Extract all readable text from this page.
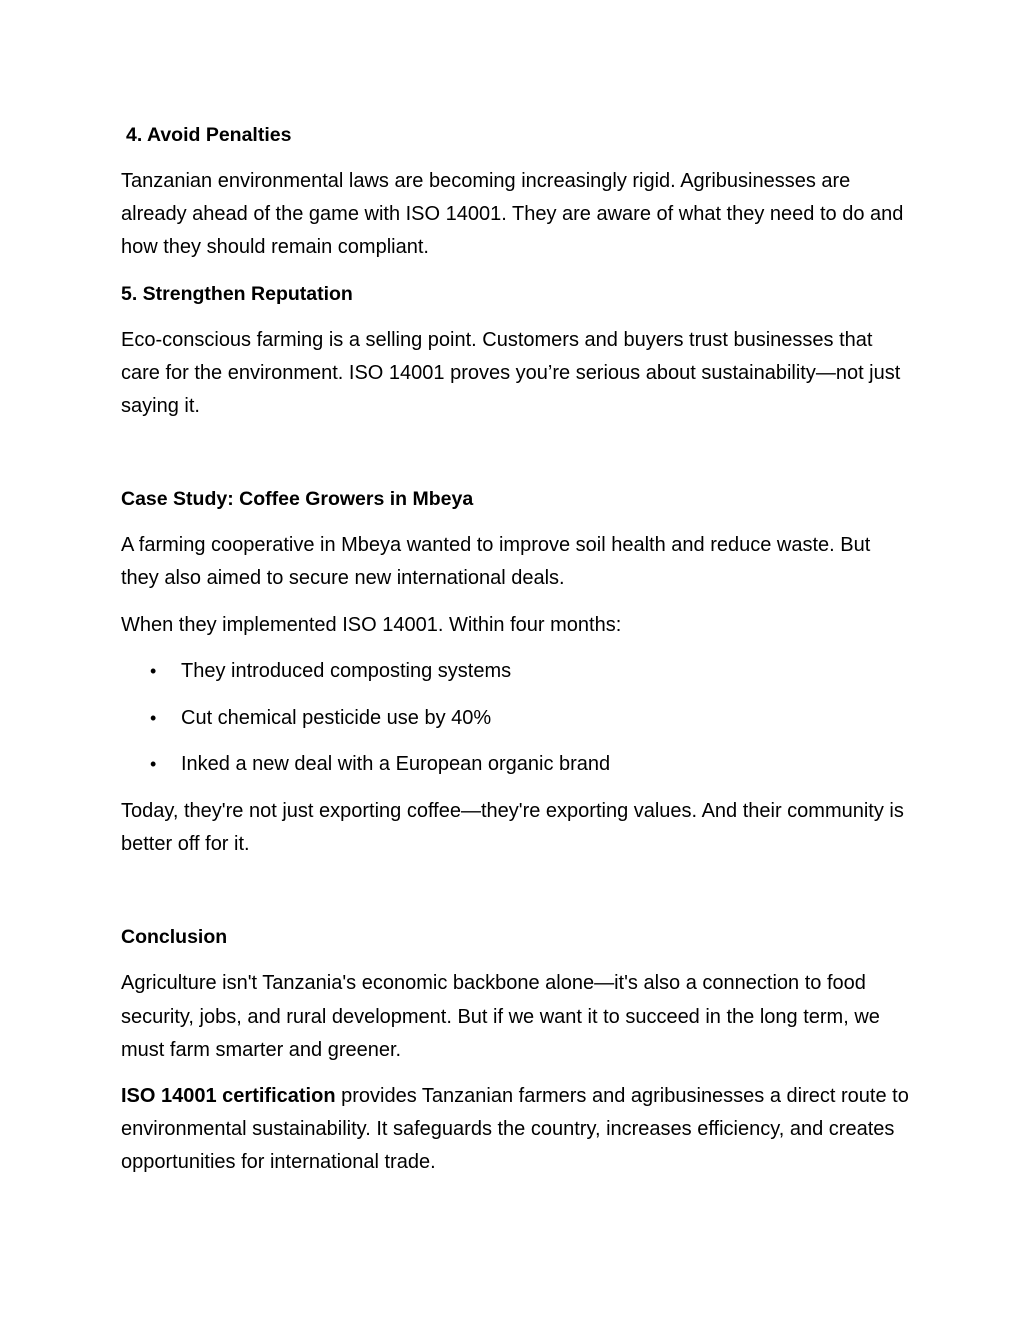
4. Avoid Penalties

Tanzanian environmental laws are becoming increasingly rigid. Agribusinesses are already ahead of the game with ISO 14001. They are aware of what they need to do and how they should remain compliant.

5. Strengthen Reputation

Eco-conscious farming is a selling point. Customers and buyers trust businesses that care for the environment. ISO 14001 proves you’re serious about sustainability—not just saying it.

Case Study: Coffee Growers in Mbeya

A farming cooperative in Mbeya wanted to improve soil health and reduce waste. But they also aimed to secure new international deals.

When they implemented ISO 14001. Within four months:

• They introduced composting systems
• Cut chemical pesticide use by 40%
• Inked a new deal with a European organic brand

Today, they're not just exporting coffee—they're exporting values. And their community is better off for it.

Conclusion

Agriculture isn't Tanzania's economic backbone alone—it's also a connection to food security, jobs, and rural development. But if we want it to succeed in the long term, we must farm smarter and greener.

ISO 14001 certification provides Tanzanian farmers and agribusinesses a direct route to environmental sustainability. It safeguards the country, increases efficiency, and creates opportunities for international trade.
